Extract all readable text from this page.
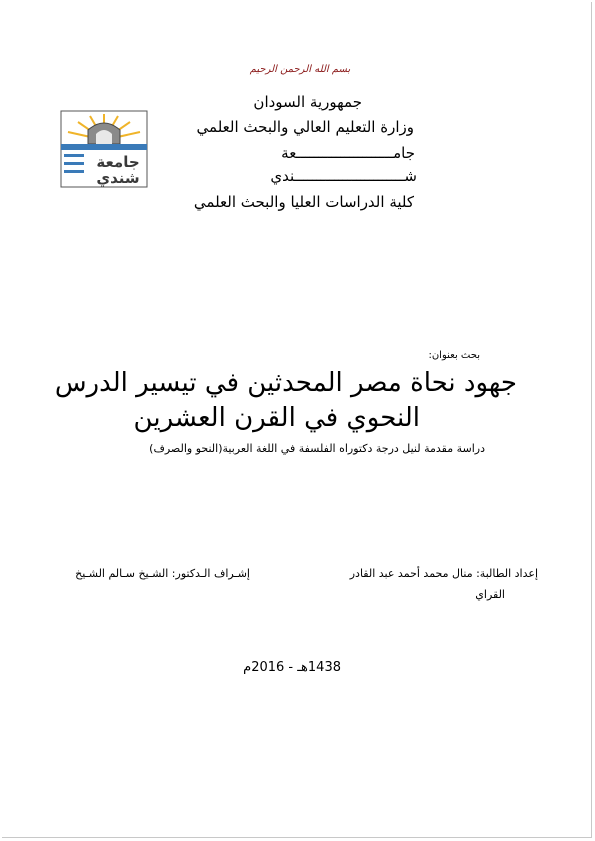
بسم الله الرحمن الرحيم
جامعة
شندي
جمهورية السودان
وزارة التعليم العالي والبحث العلمي
جامــــــــــــــــــــــعة
شـــــــــــــــــــــــــندي
كلية الدراسات العليا والبحث العلمي
بحث بعنوان:
جهود نحاة مصر المحدثين في تيسير الدرس
النحوي في القرن العشرين
دراسة مقدمة لنيل درجة دكتوراه الفلسفة في اللغة العربية(النحو والصرف)
إعداد الطالبة: منال محمد أحمد عبد القادر
القراي
إشـراف الـدكتور: الشـيخ سـالم الشـيخ
1438هـ - 2016م
